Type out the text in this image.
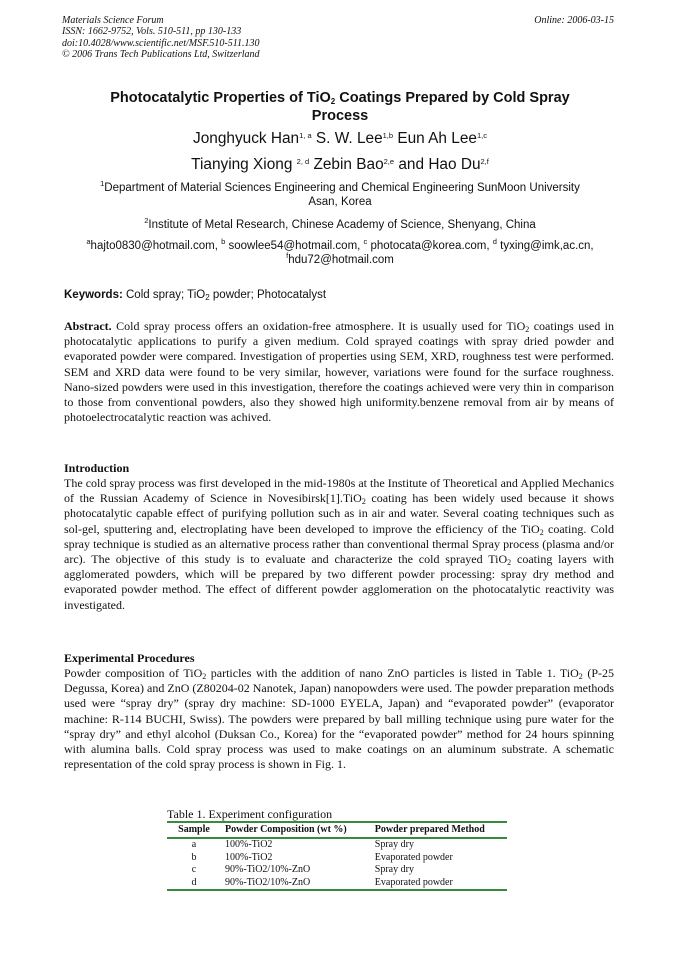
Materials Science Forum
ISSN: 1662-9752, Vols. 510-511, pp 130-133
doi:10.4028/www.scientific.net/MSF.510-511.130
© 2006 Trans Tech Publications Ltd, Switzerland
Online: 2006-03-15
Photocatalytic Properties of TiO$_2$ Coatings Prepared by Cold Spray
Process
Jonghyuck Han$^{1, a}$ S. W. Lee$^{1,b}$ Eun Ah Lee$^{1,c}$
Tianying Xiong $^{2, d}$ Zebin Bao$^{2,e}$ and Hao Du$^{2,f}$
$^1$Department of Material Sciences Engineering and Chemical Engineering SunMoon University
Asan, Korea
$^2$Institute of Metal Research, Chinese Academy of Science, Shenyang, China
$^a$hajto0830@hotmail.com, $^b$ soowlee54@hotmail.com, $^c$ photocata@korea.com, $^d$ tyxing@imk,ac.cn,
$^f$hdu72@hotmail.com
Keywords: Cold spray; TiO$_2$ powder; Photocatalyst
Abstract. Cold spray process offers an oxidation-free atmosphere. It is usually used for TiO$_2$ coatings used in photocatalytic applications to purify a given medium. Cold sprayed coatings with spray dried powder and evaporated powder were compared. Investigation of properties using SEM, XRD, roughness test were performed. SEM and XRD data were found to be very similar, however, variations were found for the surface roughness. Nano-sized powders were used in this investigation, therefore the coatings achieved were very thin in comparison to those from conventional powders, also they showed high uniformity.benzene removal from air by means of photoelectrocatalytic reaction was achived.
Introduction
The cold spray process was first developed in the mid-1980s at the Institute of Theoretical and Applied Mechanics of the Russian Academy of Science in Novesibirsk[1].TiO$_2$ coating has been widely used because it shows photocatalytic capable effect of purifying pollution such as in air and water. Several coating techniques such as sol-gel, sputtering and, electroplating have been developed to improve the efficiency of the TiO$_2$ coating. Cold spray technique is studied as an alternative process rather than conventional thermal Spray process (plasma and/or arc). The objective of this study is to evaluate and characterize the cold sprayed TiO$_2$ coating layers with agglomerated powders, which will be prepared by two different powder processing: spray dry method and evaporated powder method. The effect of different powder agglomeration on the photocatalytic reactivity was investigated.
Experimental Procedures
Powder composition of TiO$_2$ particles with the addition of nano ZnO particles is listed in Table 1. TiO$_2$ (P-25 Degussa, Korea) and ZnO (Z80204-02 Nanotek, Japan) nanopowders were used. The powder preparation methods used were “spray dry” (spray dry machine: SD-1000 EYELA, Japan) and “evaporated powder” (evaporator machine: R-114 BUCHI, Swiss). The powders were prepared by ball milling technique using pure water for the “spray dry” and ethyl alcohol (Duksan Co., Korea) for the “evaporated powder” method for 24 hours spinning with alumina balls. Cold spray process was used to make coatings on an aluminum substrate. A schematic representation of the cold spray process is shown in Fig. 1.
Table 1. Experiment configuration
Sample	Powder Composition (wt %)	Powder prepared Method
a	100%-TiO2	Spray dry
b	100%-TiO2	Evaporated powder
c	90%-TiO2/10%-ZnO	Spray dry
d	90%-TiO2/10%-ZnO	Evaporated powder
